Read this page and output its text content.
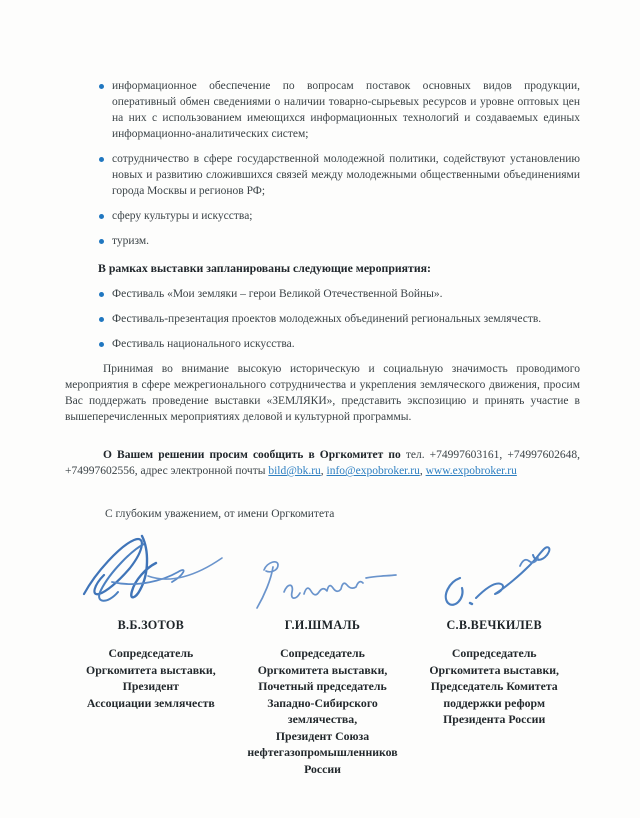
информационное обеспечение по вопросам поставок основных видов продукции, оперативный обмен сведениями о наличии товарно-сырьевых ресурсов и уровне оптовых цен на них с использованием имеющихся информационных технологий и создаваемых единых информационно-аналитических систем;
сотрудничество в сфере государственной молодежной политики, содействуют установлению новых и развитию сложившихся связей между молодежными общественными объединениями города Москвы и регионов РФ;
сферу культуры и искусства;
туризм.
В рамках выставки запланированы следующие мероприятия:
Фестиваль «Мои земляки – герои Великой Отечественной Войны».
Фестиваль-презентация проектов молодежных объединений региональных землячеств.
Фестиваль национального искусства.

Принимая во внимание высокую историческую и социальную значимость проводимого мероприятия в сфере межрегионального сотрудничества и укрепления земляческого движения, просим Вас поддержать проведение выставки «ЗЕМЛЯКИ», представить экспозицию и принять участие в вышеперечисленных мероприятиях деловой и культурной программы.

О Вашем решении просим сообщить в Оргкомитет по тел. +74997603161, +74997602648, +74997602556, адрес электронной почты bild@bk.ru, info@expobroker.ru, www.expobroker.ru

С глубоким уважением, от имени Оргкомитета

В.Б.ЗОТОВ
Сопредседатель
Оргкомитета выставки,
Президент
Ассоциации землячеств
Г.И.ШМАЛЬ
Сопредседатель
Оргкомитета выставки,
Почетный председатель
Западно-Сибирского
землячества,
Президент Союза
нефтегазопромышленников
России
С.В.ВЕЧКИЛЕВ
Сопредседатель
Оргкомитета выставки,
Председатель Комитета
поддержки реформ
Президента России
